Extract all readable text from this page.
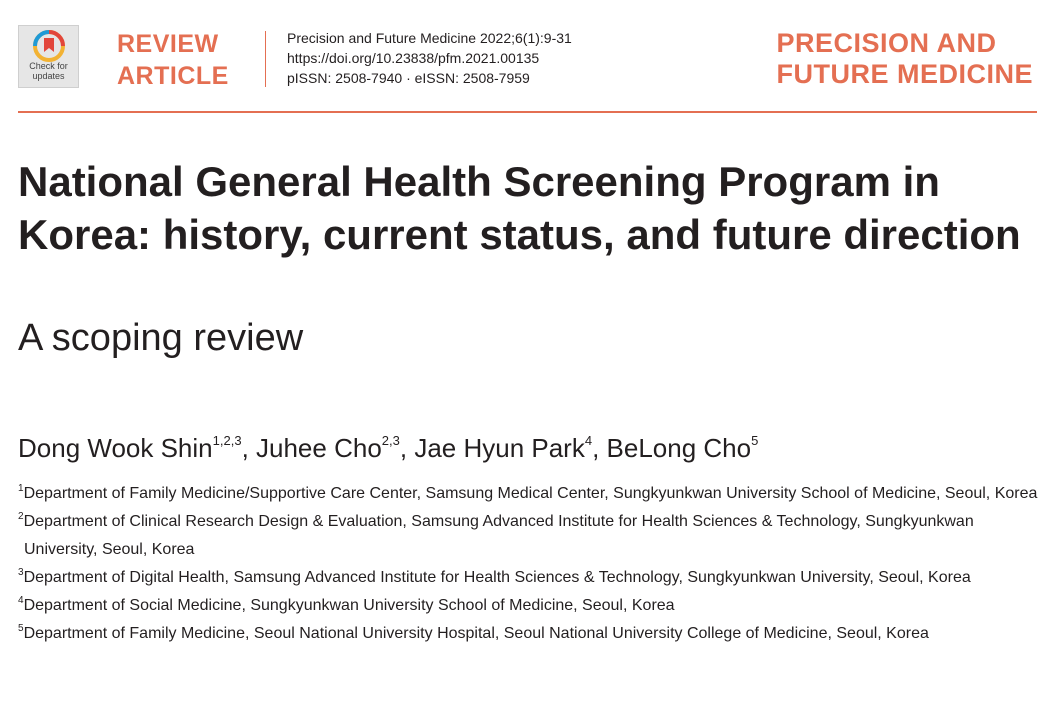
Check for
updates
REVIEW
ARTICLE
Precision and Future Medicine 2022;6(1):9-31
https://doi.org/10.23838/pfm.2021.00135
pISSN: 2508-7940 · eISSN: 2508-7959
PRECISION AND
FUTURE MEDICINE
National General Health Screening Program in Korea: history, current status, and future direction
A scoping review
Dong Wook Shin$^{1,2,3}$, Juhee Cho$^{2,3}$, Jae Hyun Park$^4$, BeLong Cho$^5$
$^1$Department of Family Medicine/Supportive Care Center, Samsung Medical Center, Sungkyunkwan University School of Medicine, Seoul, Korea
$^2$Department of Clinical Research Design & Evaluation, Samsung Advanced Institute for Health Sciences & Technology, Sungkyunkwan University, Seoul, Korea
$^3$Department of Digital Health, Samsung Advanced Institute for Health Sciences & Technology, Sungkyunkwan University, Seoul, Korea
$^4$Department of Social Medicine, Sungkyunkwan University School of Medicine, Seoul, Korea
$^5$Department of Family Medicine, Seoul National University Hospital, Seoul National University College of Medicine, Seoul, Korea
